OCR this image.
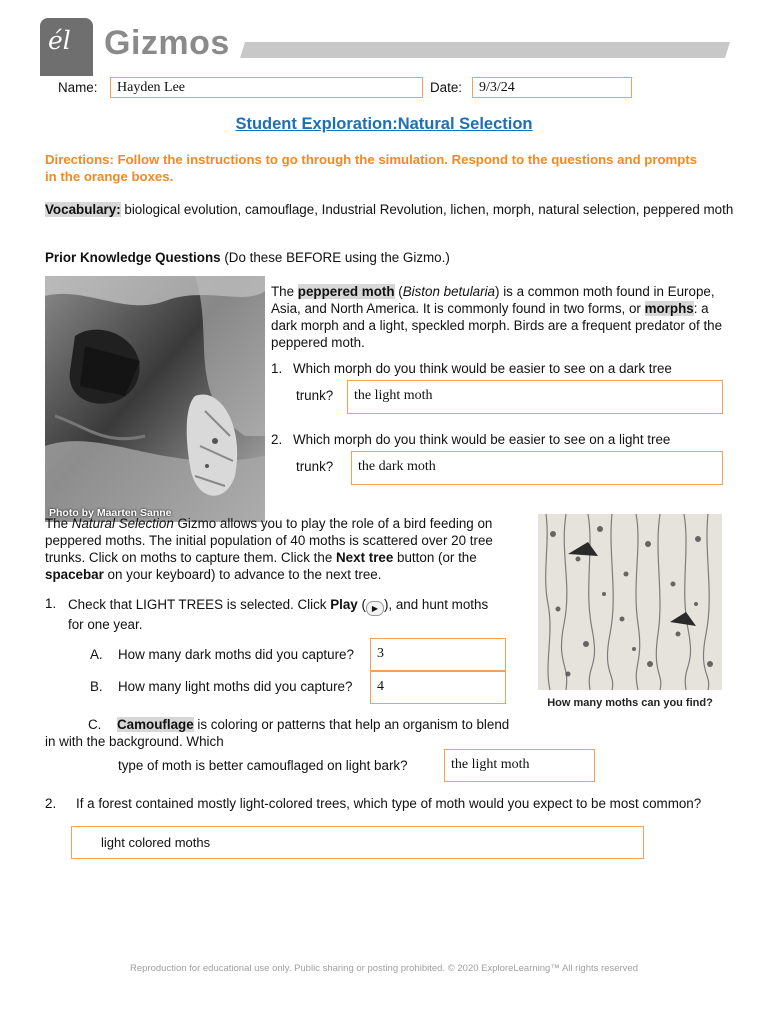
él Gizmos
Name:	Hayden Lee	Date:	9/3/24
Student Exploration:Natural Selection
Directions: Follow the instructions to go through the simulation. Respond to the questions and prompts in the orange boxes.
Vocabulary: biological evolution, camouflage, Industrial Revolution, lichen, morph, natural selection, peppered moth
Prior Knowledge Questions (Do these BEFORE using the Gizmo.)
Photo by Maarten Sanne
The peppered moth (Biston betularia) is a common moth found in Europe, Asia, and North America. It is commonly found in two forms, or morphs: a dark morph and a light, speckled morph. Birds are a frequent predator of the peppered moth.
1. Which morph do you think would be easier to see on a dark tree
trunk?	the light moth
2. Which morph do you think would be easier to see on a light tree
trunk?	the dark moth
The Natural Selection Gizmo allows you to play the role of a bird feeding on peppered moths. The initial population of 40 moths is scattered over 20 tree trunks. Click on moths to capture them. Click the Next tree button (or the spacebar on your keyboard) to advance to the next tree.
How many moths can you find?
1. Check that LIGHT TREES is selected. Click Play ( ▶ ), and hunt moths
for one year.
A. How many dark moths did you capture?	3
B. How many light moths did you capture?	4
C. Camouflage is coloring or patterns that help an organism to blend
in with the background. Which
type of moth is better camouflaged on light bark?	the light moth
2. If a forest contained mostly light-colored trees, which type of moth would you expect to be most common?
light colored moths
Reproduction for educational use only. Public sharing or posting prohibited. © 2020 ExploreLearning™ All rights reserved
